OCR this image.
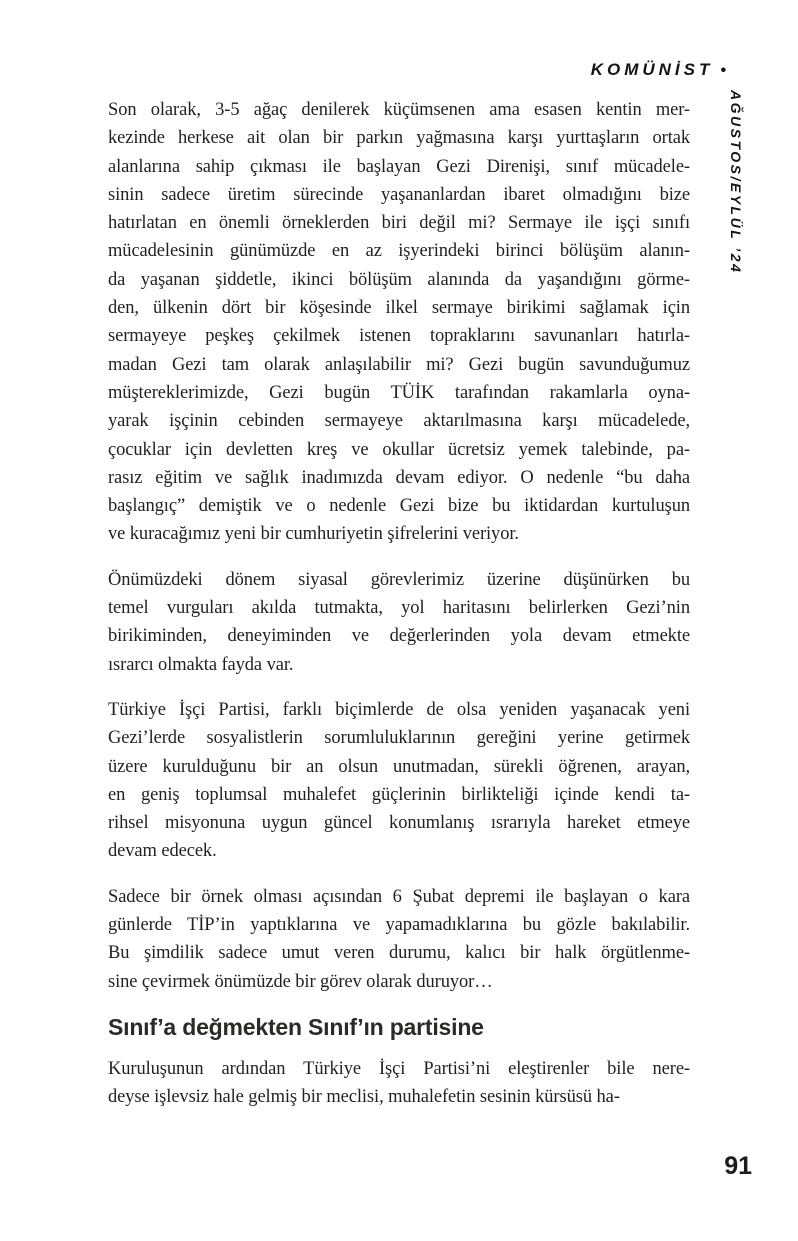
KOMÜNİST •
AĞUSTOS/EYLÜL ’24
Son olarak, 3-5 ağaç denilerek küçümsenen ama esasen kentin mer-
kezinde herkese ait olan bir parkın yağmasına karşı yurttaşların ortak
alanlarına sahip çıkması ile başlayan Gezi Direnişi, sınıf mücadele-
sinin sadece üretim sürecinde yaşananlardan ibaret olmadığını bize
hatırlatan en önemli örneklerden biri değil mi? Sermaye ile işçi sınıfı
mücadelesinin günümüzde en az işyerindeki birinci bölüşüm alanın-
da yaşanan şiddetle, ikinci bölüşüm alanında da yaşandığını görme-
den, ülkenin dört bir köşesinde ilkel sermaye birikimi sağlamak için
sermayeye peşkeş çekilmek istenen topraklarını savunanları hatırla-
madan Gezi tam olarak anlaşılabilir mi? Gezi bugün savunduğumuz
müştereklerimizde, Gezi bugün TÜİK tarafından rakamlarla oyna-
yarak işçinin cebinden sermayeye aktarılmasına karşı mücadelede,
çocuklar için devletten kreş ve okullar ücretsiz yemek talebinde, pa-
rasız eğitim ve sağlık inadımızda devam ediyor. O nedenle “bu daha
başlangıç” demiştik ve o nedenle Gezi bize bu iktidardan kurtuluşun
ve kuracağımız yeni bir cumhuriyetin şifrelerini veriyor.
Önümüzdeki dönem siyasal görevlerimiz üzerine düşünürken bu
temel vurguları akılda tutmakta, yol haritasını belirlerken Gezi’nin
birikiminden, deneyiminden ve değerlerinden yola devam etmekte
ısrarcı olmakta fayda var.
Türkiye İşçi Partisi, farklı biçimlerde de olsa yeniden yaşanacak yeni
Gezi’lerde sosyalistlerin sorumluluklarının gereğini yerine getirmek
üzere kurulduğunu bir an olsun unutmadan, sürekli öğrenen, arayan,
en geniş toplumsal muhalefet güçlerinin birlikteliği içinde kendi ta-
rihsel misyonuna uygun güncel konumlanış ısrarıyla hareket etmeye
devam edecek.
Sadece bir örnek olması açısından 6 Şubat depremi ile başlayan o kara
günlerde TİP’in yaptıklarına ve yapamadıklarına bu gözle bakılabilir.
Bu şimdilik sadece umut veren durumu, kalıcı bir halk örgütlenme-
sine çevirmek önümüzde bir görev olarak duruyor…
Sınıf’a değmekten Sınıf’ın partisine
Kuruluşunun ardından Türkiye İşçi Partisi’ni eleştirenler bile nere-
deyse işlevsiz hale gelmiş bir meclisi, muhalefetin sesinin kürsüsü ha-
91
